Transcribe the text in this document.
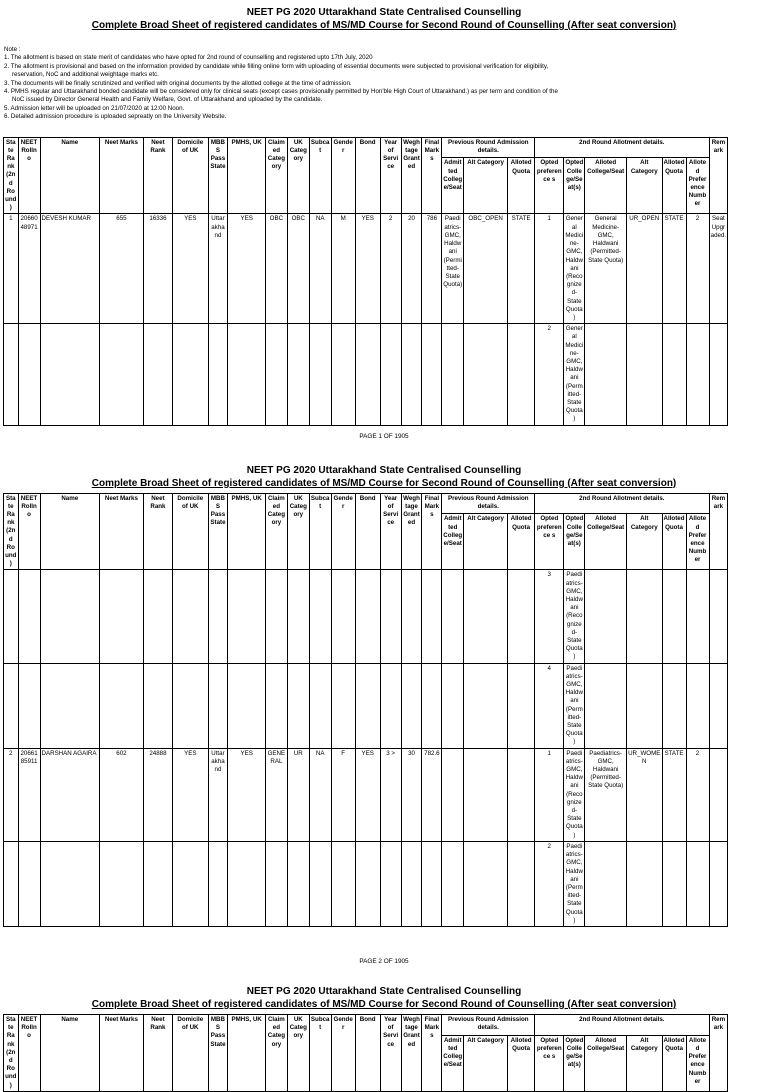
NEET PG 2020 Uttarakhand State Centralised Counselling
Complete Broad Sheet of registered candidates of MS/MD Course for Second Round of Counselling (After seat conversion)
Note :
1. The allotment is based on state merit of candidates who have opted for 2nd round of counselling and registered upto 17th July, 2020
2. The allotment is provisional and based on the information provided by candidate while filling online form with uploading of essential documents were subjected to provisional verification for eligibility,
reservation, NoC and additional weightage marks etc.
3. The documents will be finally scrutinized and verified with original documents by the allotted college at the time of admission.
4. PMHS regular and Uttarakhand bonded candidate will be considered only for clinical seats (except cases provisionally permitted by Hon'ble High Court of Uttarakhand.) as per term and condition of the
NoC issued by Director General Health and Family Welfare, Govt. of Uttarakhand and uploaded by the candidate.
5. Admission letter will be uploaded on 21/07/2020 at 12:00 Noon.
6. Detailed admission procedure is uploaded sepreatly on the University Website.
State Rank (2nd Round)	NEET Rollno	Name	Neet Marks	Neet Rank	Domicile of UK	MBBS Pass State	PMHS, UK	Claimed Category	UK Category	Subcat	Gender	Bond	Year of Service	Weghtage Granted	Final Marks	Previous Round Admission details.			2nd Round Allotment details.						Remark
																Admitted College/Seat	Alt Category	Alloted Quota	Opted preference s	Opted College/Seat(s)	Alloted College/Seat	Alt Category	Alloted Quota	Alloted Preference Number	
1	2066048971	DEVESH KUMAR	655	16336	YES	Uttarakhand	YES	OBC	OBC	NA	M	YES	2	20	786	Paediatrics-GMC, Haldwani (Permitted-State Quota)	OBC_OPEN	STATE	1	General Medicine-GMC, Haldwani (Recognized-State Quota)	General Medicine-GMC, Haldwani (Permitted-State Quota)	UR_OPEN	STATE	2	Seat Upgraded.
																			2	General Medicine-GMC, Haldwani (Permitted-State Quota)					
PAGE 1 OF 1905
NEET PG 2020 Uttarakhand State Centralised Counselling
Complete Broad Sheet of registered candidates of MS/MD Course for Second Round of Counselling (After seat conversion)
State Rank (2nd Round)	NEET Rollno	Name	Neet Marks	Neet Rank	Domicile of UK	MBBS Pass State	PMHS, UK	Claimed Category	UK Category	Subcat	Gender	Bond	Year of Service	Weghtage Granted	Final Marks	Previous Round Admission details.			2nd Round Allotment details.						Remark
																Admitted College/Seat	Alt Category	Alloted Quota	Opted preference s	Opted College/Seat(s)	Alloted College/Seat	Alt Category	Alloted Quota	Alloted Preference Number	
																			3	Paediatrics-GMC, Haldwani (Recognized-State Quota)					
																			4	Paediatrics-GMC, Haldwani (Permitted-State Quota)					
2	2066185911	DARSHAN AGAIRA	602	24888	YES	Uttarakhand	YES	GENERAL	UR	NA	F	YES	3 >	30	782.6				1	Paediatrics-GMC, Haldwani (Recognized-State Quota)	Paediatrics-GMC, Haldwani (Permitted-State Quota)	UR_WOMEN	STATE	2	
																			2	Paediatrics-GMC, Haldwani (Permitted-State Quota)					
PAGE 2 OF 1905
NEET PG 2020 Uttarakhand State Centralised Counselling
Complete Broad Sheet of registered candidates of MS/MD Course for Second Round of Counselling (After seat conversion)
State Rank (2nd Round)	NEET Rollno	Name	Neet Marks	Neet Rank	Domicile of UK	MBBS Pass State	PMHS, UK	Claimed Category	UK Category	Subcat	Gender	Bond	Year of Service	Weghtage Granted	Final Marks	Previous Round Admission details.			2nd Round Allotment details.						Remark
																Admitted College/Seat	Alt Category	Alloted Quota	Opted preference s	Opted College/Seat(s)	Alloted College/Seat	Alt Category	Alloted Quota	Alloted Preference Number	
